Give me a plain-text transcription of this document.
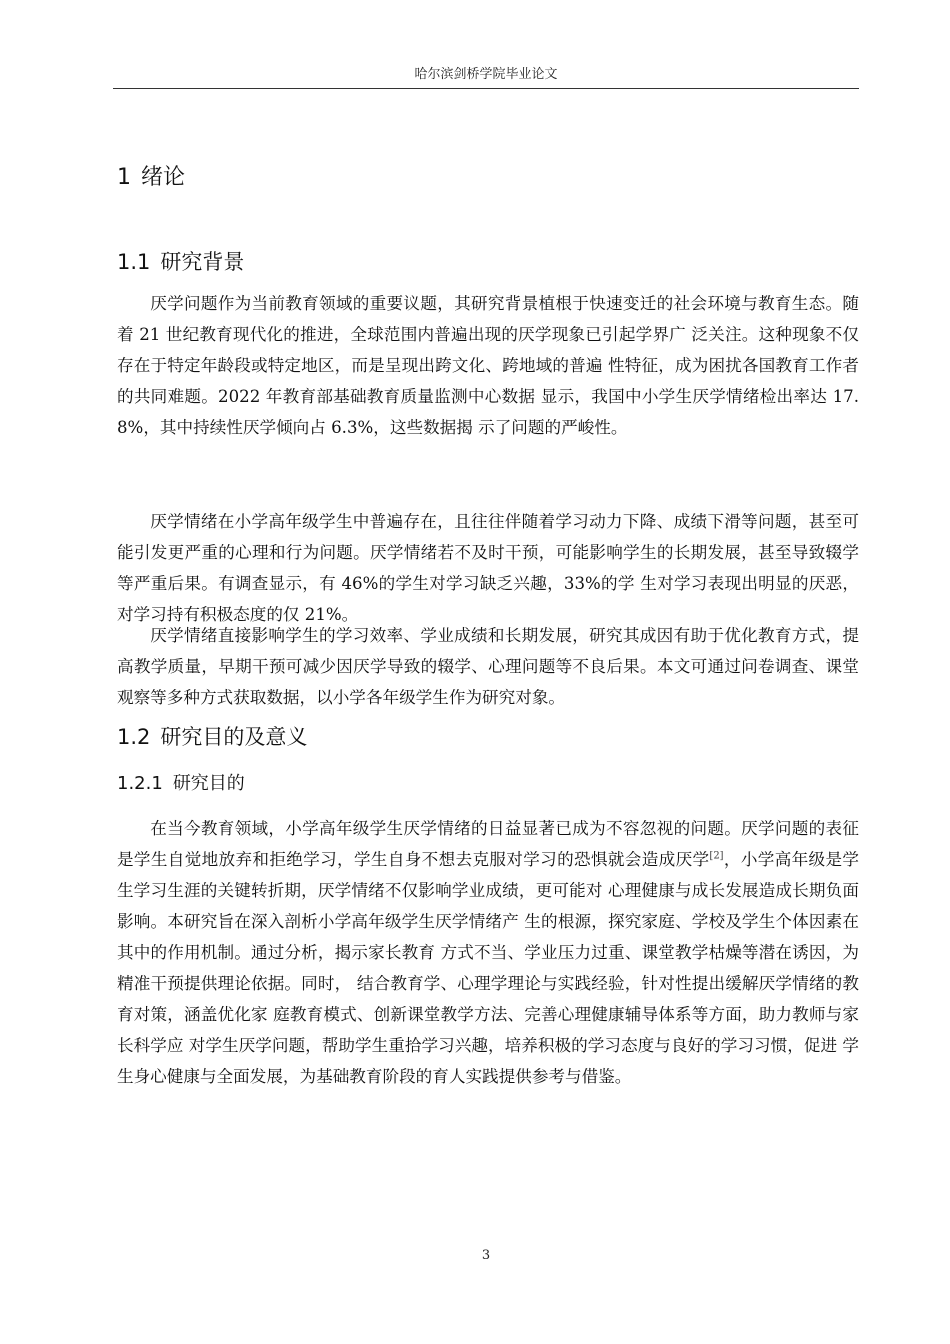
哈尔滨剑桥学院毕业论文
1 绪论
1.1 研究背景

厌学问题作为当前教育领域的重要议题，其研究背景植根于快速变迁的社会环境与教育生态。随着 21 世纪教育现代化的推进，全球范围内普遍出现的厌学现象已引起学界广 泛关注。这种现象不仅存在于特定年龄段或特定地区，而是呈现出跨文化、跨地域的普遍 性特征，成为困扰各国教育工作者的共同难题。2022 年教育部基础教育质量监测中心数据 显示，我国中小学生厌学情绪检出率达 17.8%，其中持续性厌学倾向占 6.3%，这些数据揭 示了问题的严峻性。

厌学情绪在小学高年级学生中普遍存在，且往往伴随着学习动力下降、成绩下滑等问题，甚至可能引发更严重的心理和行为问题。厌学情绪若不及时干预，可能影响学生的长期发展，甚至导致辍学等严重后果。有调查显示，有 46%的学生对学习缺乏兴趣，33%的学 生对学习表现出明显的厌恶，对学习持有积极态度的仅 21%。

厌学情绪直接影响学生的学习效率、学业成绩和长期发展，研究其成因有助于优化教育方式，提高教学质量，早期干预可减少因厌学导致的辍学、心理问题等不良后果。本文可通过问卷调查、课堂观察等多种方式获取数据，以小学各年级学生作为研究对象。

1.2 研究目的及意义
1.2.1 研究目的

在当今教育领域，小学高年级学生厌学情绪的日益显著已成为不容忽视的问题。厌学问题的表征是学生自觉地放弃和拒绝学习，学生自身不想去克服对学习的恐惧就会造成厌学[2]，小学高年级是学生学习生涯的关键转折期，厌学情绪不仅影响学业成绩，更可能对 心理健康与成长发展造成长期负面影响。本研究旨在深入剖析小学高年级学生厌学情绪产 生的根源，探究家庭、学校及学生个体因素在其中的作用机制。通过分析，揭示家长教育 方式不当、学业压力过重、课堂教学枯燥等潜在诱因，为精准干预提供理论依据。同时， 结合教育学、心理学理论与实践经验，针对性提出缓解厌学情绪的教育对策，涵盖优化家 庭教育模式、创新课堂教学方法、完善心理健康辅导体系等方面，助力教师与家长科学应 对学生厌学问题，帮助学生重拾学习兴趣，培养积极的学习态度与良好的学习习惯，促进 学生身心健康与全面发展，为基础教育阶段的育人实践提供参考与借鉴。

3
